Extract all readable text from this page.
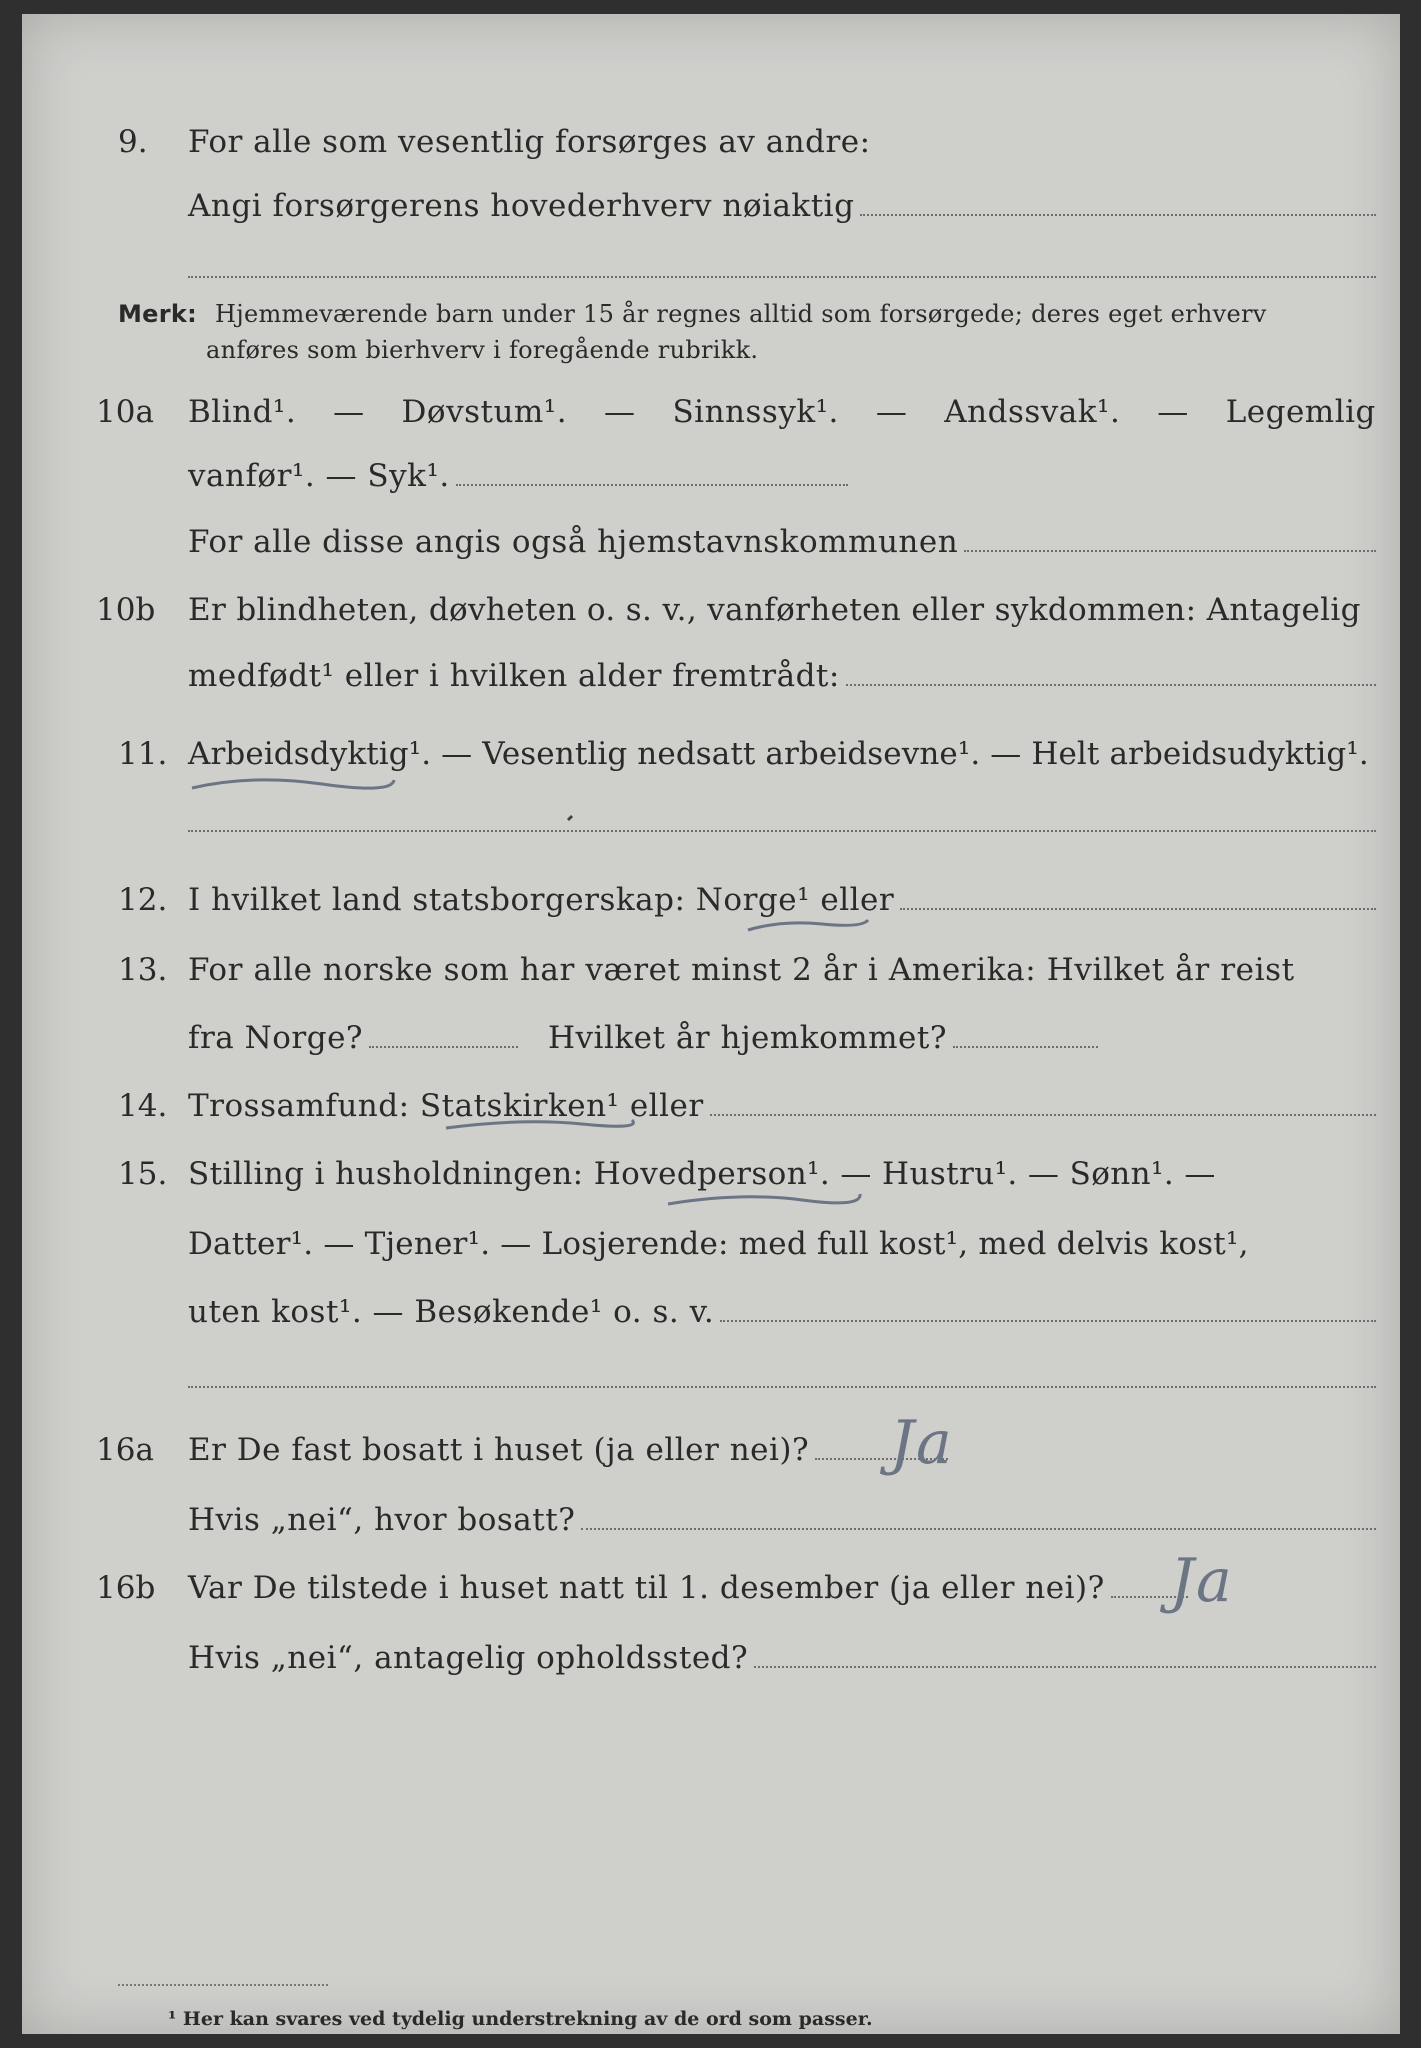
9. For alle som vesentlig forsørges av andre:
Angi forsørgerens hovederhverv nøiaktig
Merk: Hjemmeværende barn under 15 år regnes alltid som forsørgede; deres eget erhverv
anføres som bierhverv i foregående rubrikk.
10a Blind¹. — Døvstum¹. — Sinnssyk¹. — Andssvak¹. — Legemlig
vanfør¹. — Syk¹.
For alle disse angis også hjemstavnskommunen
10b Er blindheten, døvheten o. s. v., vanførheten eller sykdommen: Antagelig
medfødt¹ eller i hvilken alder fremtrådt:
11. Arbeidsdyktig¹. — Vesentlig nedsatt arbeidsevne¹. — Helt arbeidsudyktig¹.
12. I hvilket land statsborgerskap: Norge¹ eller
13. For alle norske som har været minst 2 år i Amerika: Hvilket år reist
fra Norge?	Hvilket år hjemkommet?
14. Trossamfund: Statskirken¹ eller
15. Stilling i husholdningen: Hovedperson¹. — Hustru¹. — Sønn¹. —
Datter¹. — Tjener¹. — Losjerende: med full kost¹, med delvis kost¹,
uten kost¹. — Besøkende¹ o. s. v.
16a Er De fast bosatt i huset (ja eller nei)?
Hvis „nei“, hvor bosatt?
16b Var De tilstede i huset natt til 1. desember (ja eller nei)?
Hvis „nei“, antagelig opholdssted?
Ja
Ja
¹ Her kan svares ved tydelig understrekning av de ord som passer.
